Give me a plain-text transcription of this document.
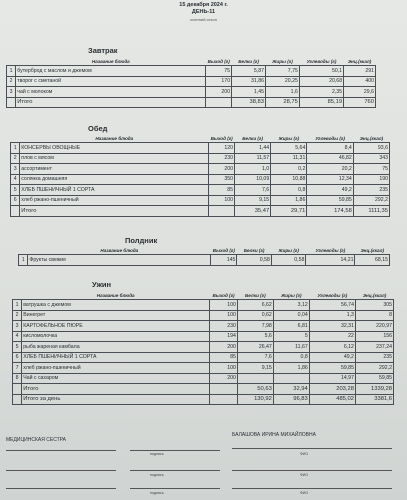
15 декабря 2024 г.
ДЕНЬ-11
осенний сезон
Завтрак
	Название блюда	Выход (г)	Белки (г)	Жиры (г)	Углеводы (г)	Энц.(ккал)
1	бутерброд с маслом и джемом	75	5,87	7,75	50,1	291
2	творог с сметаной	170	31,86	20,25	20,68	400
3	чай с молоком	200	1,45	1,6	2,35	29,6
	Итого		38,83	28,75	85,19	760
Обед
	Название блюда	Выход (г)	Белки (г)	Жиры (г)	Углеводы (г)	Энц.(ккал)
1	КОНСЕРВЫ ОВОЩНЫЕ	120	1,44	5,64	8,4	93,6
2	плов с мясом	230	11,57	11,31	46,82	343
3	ассортимент	200	1,0	0,2	20,2	75
4	солянка домашняя	350	10,09	10,88	12,34	190
5	ХЛЕБ ПШЕНИЧНЫЙ 1 СОРТА	85	7,6	0,8	49,2	235
6	хлеб ржано-пшеничный	100	9,15	1,86	59,85	292,2
	Итого		35,47	29,71	174,58	1111,35
Полдник
	Название блюда	Выход (г)	Белки (г)	Жиры (г)	Углеводы (г)	Энц.(ккал)
1	Фрукты свежие	145	0,58	0,58	14,21	68,15
Ужин
	Название блюда	Выход (г)	Белки (г)	Жиры (г)	Углеводы (г)	Энц.(ккал)
1	ватрушка с джемом	100	6,62	3,12	56,74	305
2	Винегрет	100	0,62	0,04	1,3	8
3	КАРТОФЕЛЬНОЕ ПЮРЕ	230	7,98	6,81	32,31	220,97
4	кисломолочка	194	5,6	5	22	156
5	рыба жареная камбала	200	26,47	11,67	6,12	237,24
6	ХЛЕБ ПШЕНИЧНЫЙ 1 СОРТА	85	7,6	0,8	49,2	235
7	хлеб ржано-пшеничный	100	9,15	1,86	59,85	292,2
8	Чай с сахаром	200			14,97	59,85
	Итого		50,63	32,94	203,28	1339,28
	Итого за день		130,92	96,83	485,02	3381,6
МЕДИЦИНСКАЯ СЕСТРА
БАЛАШОВА ИРИНА МИХАЙЛОВНА
подпись	ФИО
подпись	ФИО
подпись	ФИО
